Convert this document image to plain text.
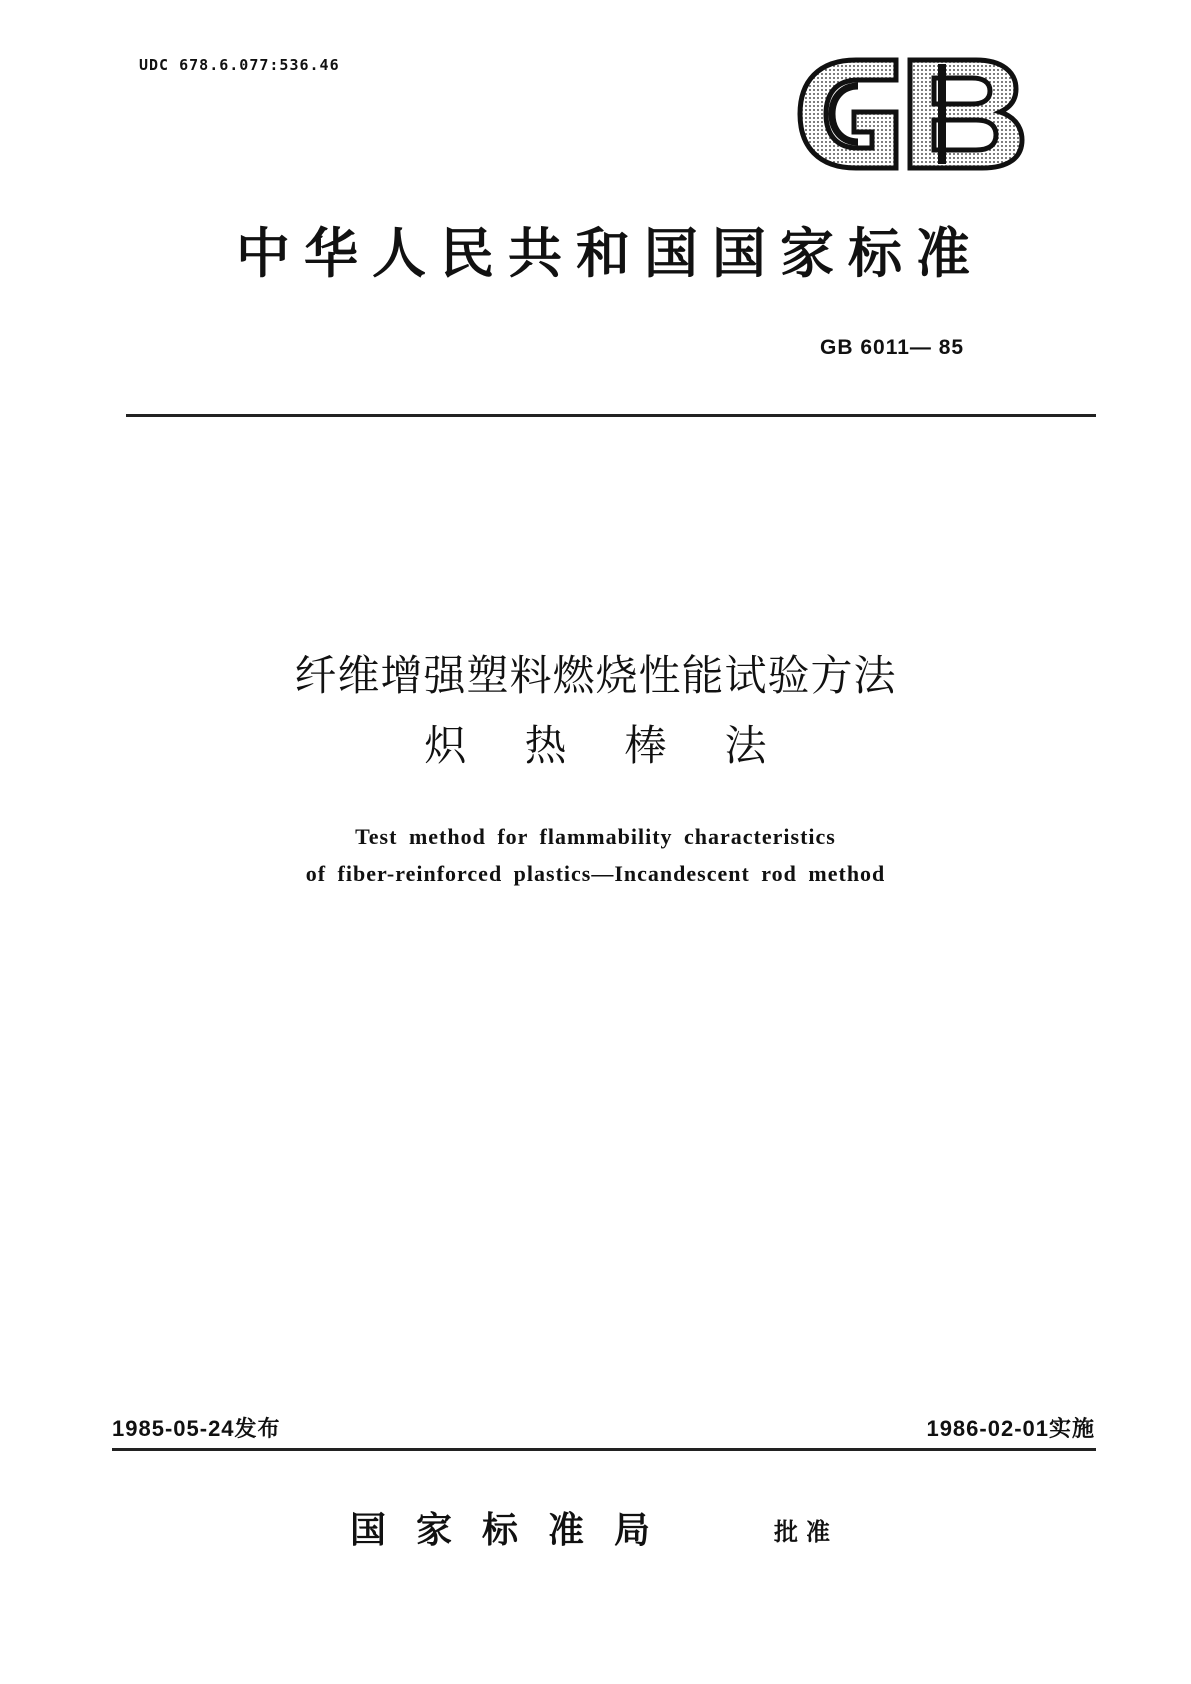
UDC 678.6.077:536.46	GB
中华人民共和国国家标准
GB 6011— 85
纤维增强塑料燃烧性能试验方法
炽热棒法
Test method for flammability characteristics
of fiber-reinforced plastics—Incandescent rod method
1985-05-24发布	1986-02-01实施
国家标准局	批准
